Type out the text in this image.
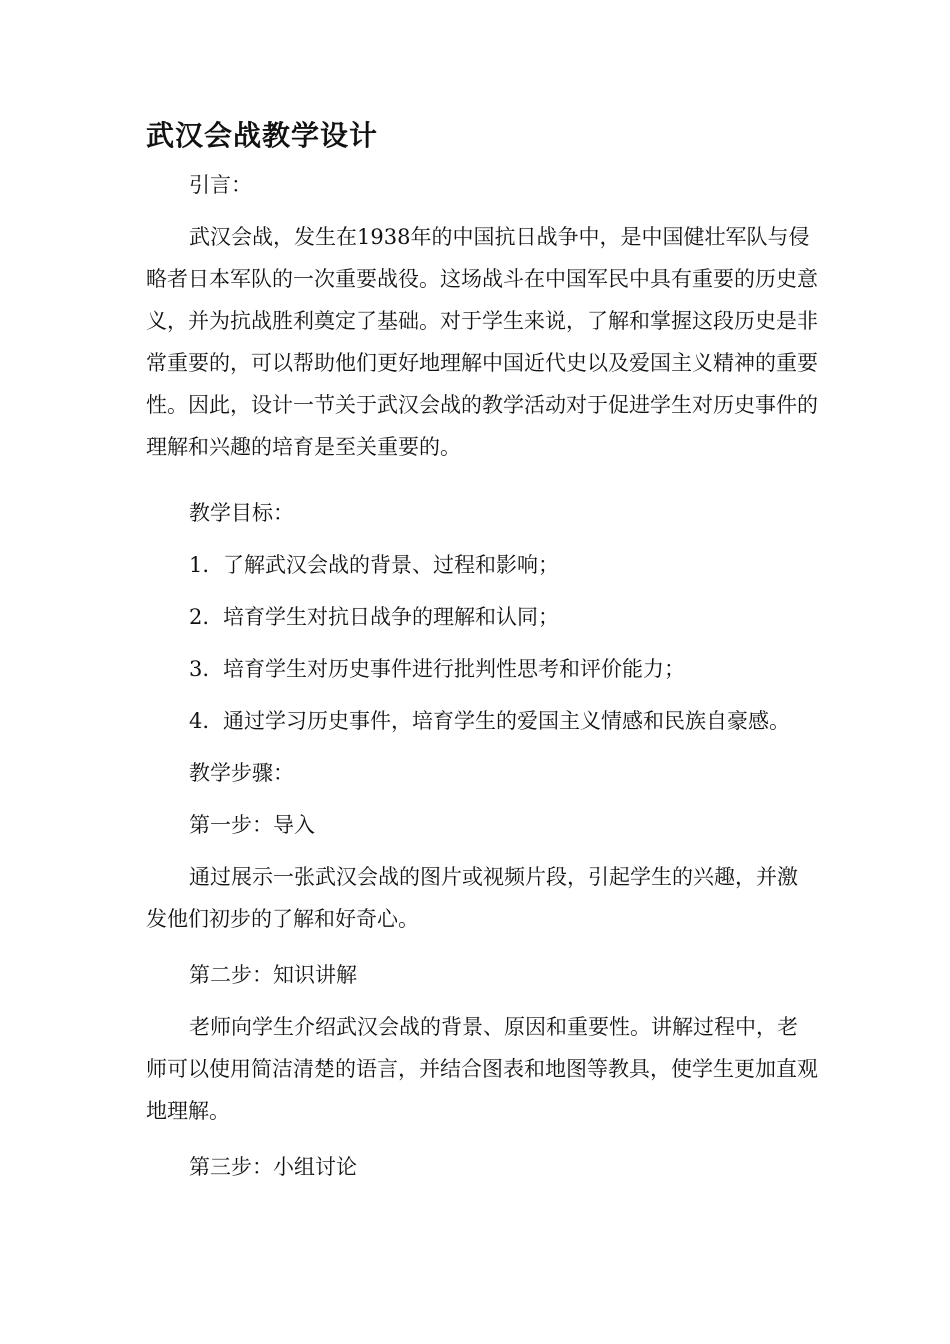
武汉会战教学设计

引言：

武汉会战，发生在1938年的中国抗日战争中，是中国健壮军队与侵略者日本军队的一次重要战役。这场战斗在中国军民中具有重要的历史意义，并为抗战胜利奠定了基础。对于学生来说，了解和掌握这段历史是非常重要的，可以帮助他们更好地理解中国近代史以及爱国主义精神的重要性。因此，设计一节关于武汉会战的教学活动对于促进学生对历史事件的理解和兴趣的培育是至关重要的。

教学目标：

1. 了解武汉会战的背景、过程和影响；

2. 培育学生对抗日战争的理解和认同；

3. 培育学生对历史事件进行批判性思考和评价能力；

4. 通过学习历史事件，培育学生的爱国主义情感和民族自豪感。

教学步骤：

第一步：导入

通过展示一张武汉会战的图片或视频片段，引起学生的兴趣，并激发他们初步的了解和好奇心。

第二步：知识讲解

老师向学生介绍武汉会战的背景、原因和重要性。讲解过程中，老师可以使用简洁清楚的语言，并结合图表和地图等教具，使学生更加直观地理解。

第三步：小组讨论
